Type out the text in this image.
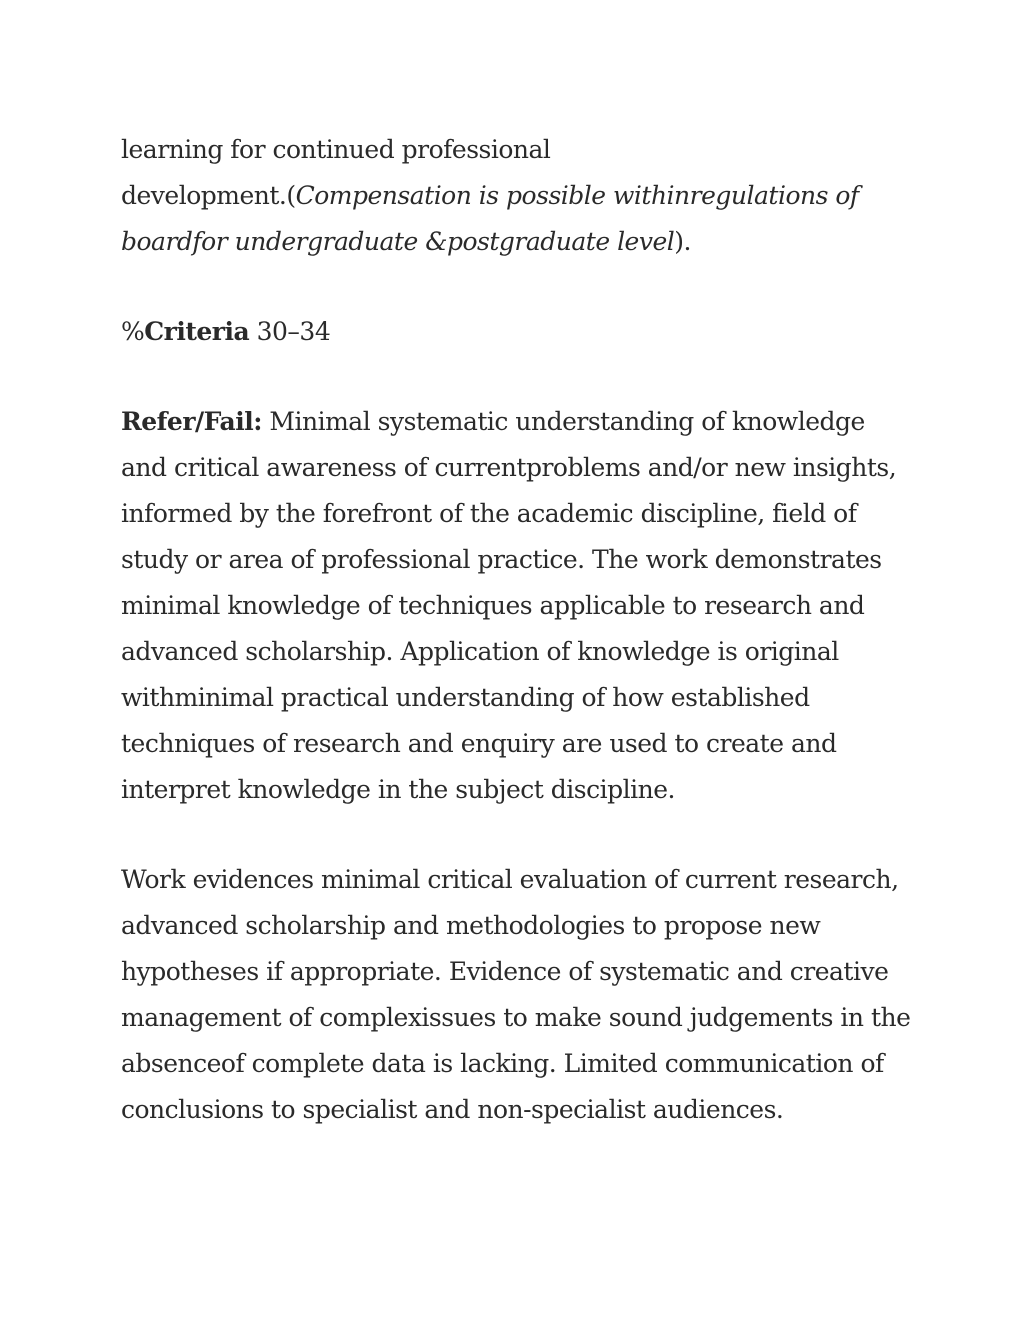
learning for continued professional
development.(Compensation is possible withinregulations of boardfor undergraduate &postgraduate level).

%Criteria 30–34

Refer/Fail: Minimal systematic understanding of knowledge and critical awareness of currentproblems and/or new insights, informed by the forefront of the academic discipline, field of study or area of professional practice. The work demonstrates minimal knowledge of techniques applicable to research and advanced scholarship. Application of knowledge is original withminimal practical understanding of how established techniques of research and enquiry are used to create and interpret knowledge in the subject discipline.

Work evidences minimal critical evaluation of current research, advanced scholarship and methodologies to propose new hypotheses if appropriate. Evidence of systematic and creative management of complexissues to make sound judgements in the absenceof complete data is lacking. Limited communication of conclusions to specialist and non-specialist audiences.
